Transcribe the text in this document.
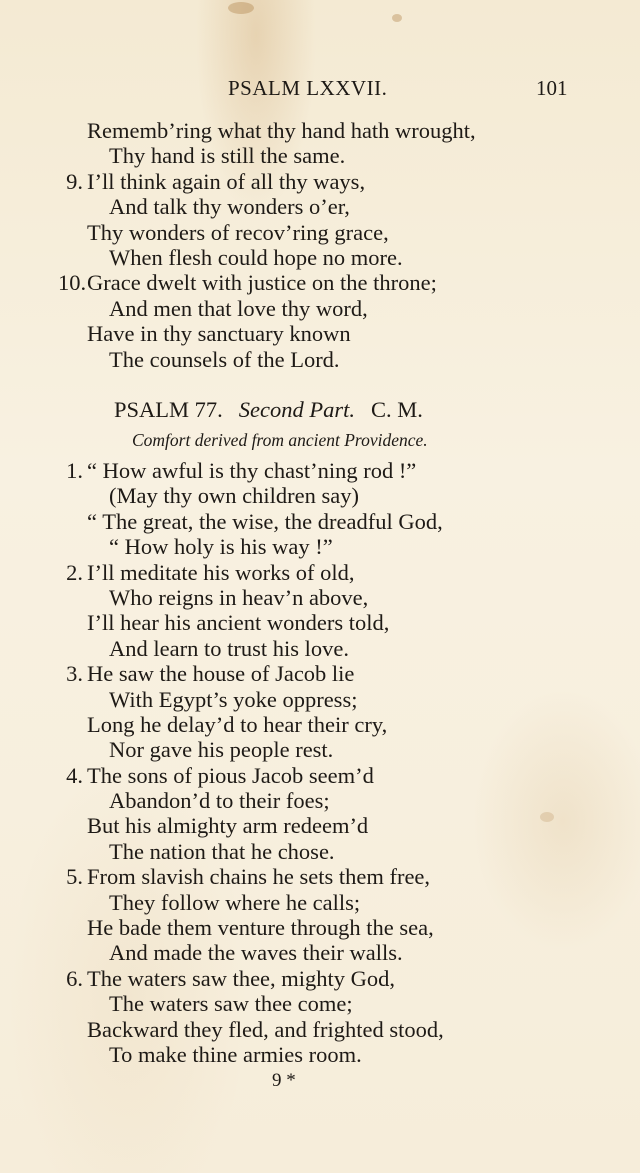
PSALM LXXVII.	101
Rememb’ring what thy hand hath wrought,
Thy hand is still the same.
9. I’ll think again of all thy ways,
And talk thy wonders o’er,
Thy wonders of recov’ring grace,
When flesh could hope no more.
10. Grace dwelt with justice on the throne;
And men that love thy word,
Have in thy sanctuary known
The counsels of the Lord.
PSALM 77. Second Part. C. M.
Comfort derived from ancient Providence.
1. “ How awful is thy chast’ning rod !”
(May thy own children say)
“ The great, the wise, the dreadful God,
“ How holy is his way !”
2. I’ll meditate his works of old,
Who reigns in heav’n above,
I’ll hear his ancient wonders told,
And learn to trust his love.
3. He saw the house of Jacob lie
With Egypt’s yoke oppress;
Long he delay’d to hear their cry,
Nor gave his people rest.
4. The sons of pious Jacob seem’d
Abandon’d to their foes;
But his almighty arm redeem’d
The nation that he chose.
5. From slavish chains he sets them free,
They follow where he calls;
He bade them venture through the sea,
And made the waves their walls.
6. The waters saw thee, mighty God,
The waters saw thee come;
Backward they fled, and frighted stood,
To make thine armies room.
9 *
